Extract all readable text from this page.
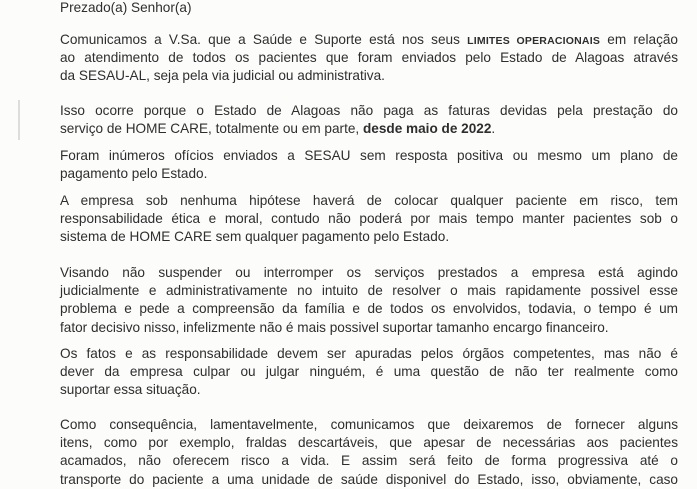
Prezado(a) Senhor(a)
Comunicamos a V.Sa. que a Saúde e Suporte está nos seus LIMITES OPERACIONAIS em relação
ao atendimento de todos os pacientes que foram enviados pelo Estado de Alagoas através
da SESAU-AL, seja pela via judicial ou administrativa.
Isso ocorre porque o Estado de Alagoas não paga as faturas devidas pela prestação do
serviço de HOME CARE, totalmente ou em parte, desde maio de 2022.
Foram inúmeros ofícios enviados a SESAU sem resposta positiva ou mesmo um plano de
pagamento pelo Estado.
A empresa sob nenhuma hipótese haverá de colocar qualquer paciente em risco, tem
responsabilidade ética e moral, contudo não poderá por mais tempo manter pacientes sob o
sistema de HOME CARE sem qualquer pagamento pelo Estado.
Visando não suspender ou interromper os serviços prestados a empresa está agindo
judicialmente e administrativamente no intuito de resolver o mais rapidamente possivel esse
problema e pede a compreensão da família e de todos os envolvidos, todavia, o tempo é um
fator decisivo nisso, infelizmente não é mais possivel suportar tamanho encargo financeiro.
Os fatos e as responsabilidade devem ser apuradas pelos órgãos competentes, mas não é
dever da empresa culpar ou julgar ninguém, é uma questão de não ter realmente como
suportar essa situação.
Como consequência, lamentavelmente, comunicamos que deixaremos de fornecer alguns
itens, como por exemplo, fraldas descartáveis, que apesar de necessárias aos pacientes
acamados, não oferecem risco a vida. E assim será feito de forma progressiva até o
transporte do paciente a uma unidade de saúde disponivel do Estado, isso, obviamente, caso
